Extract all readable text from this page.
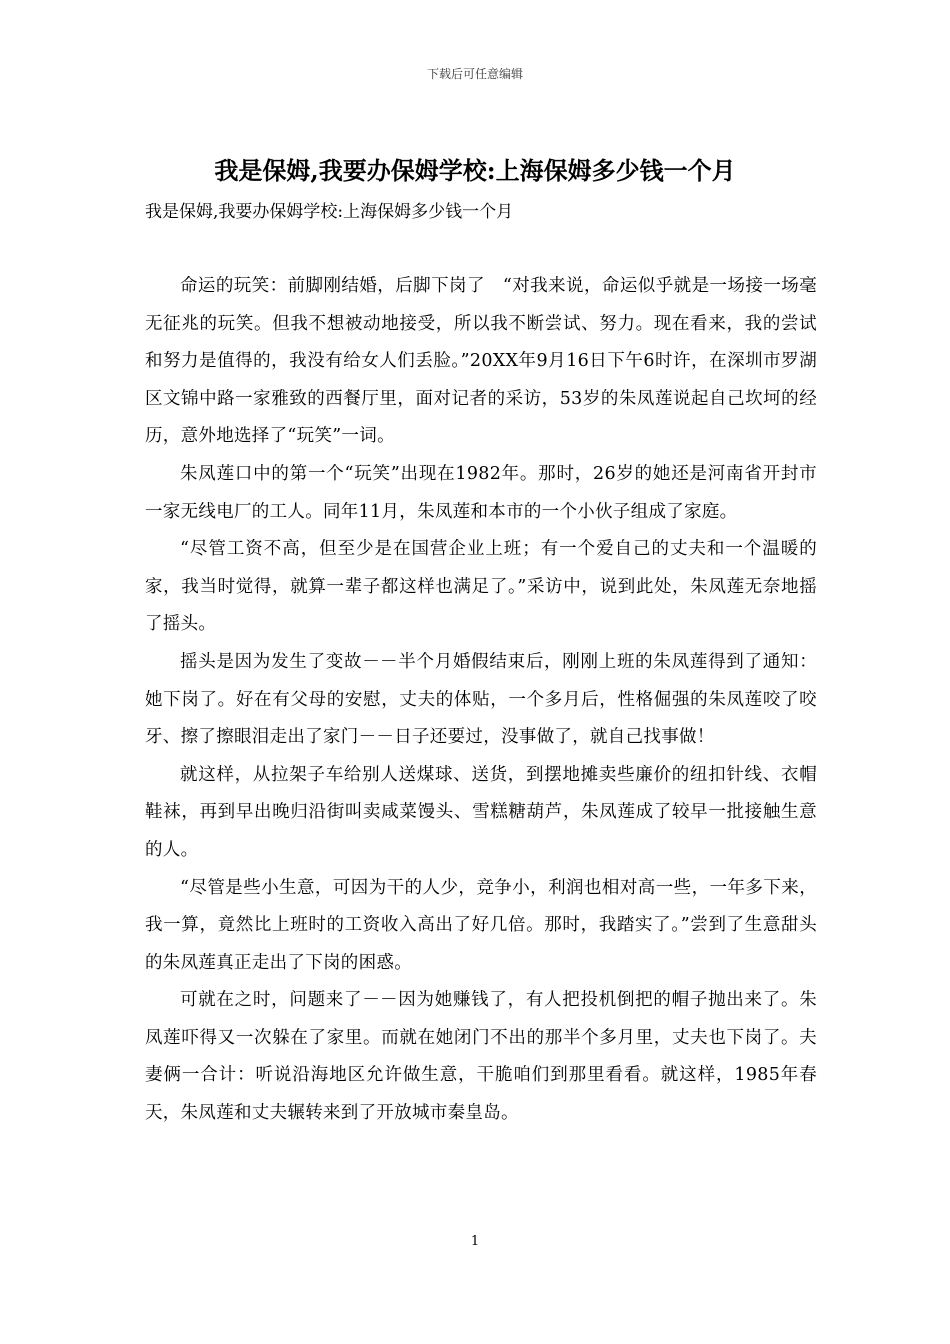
下载后可任意编辑
我是保姆,我要办保姆学校:上海保姆多少钱一个月

我是保姆,我要办保姆学校:上海保姆多少钱一个月

命运的玩笑：前脚刚结婚，后脚下岗了　“对我来说，命运似乎就是一场接一场毫无征兆的玩笑。但我不想被动地接受，所以我不断尝试、努力。现在看来，我的尝试和努力是值得的，我没有给女人们丢脸。”20XX年9月16日下午6时许，在深圳市罗湖区文锦中路一家雅致的西餐厅里，面对记者的采访，53岁的朱凤莲说起自己坎坷的经历，意外地选择了“玩笑”一词。

朱凤莲口中的第一个“玩笑”出现在1982年。那时，26岁的她还是河南省开封市一家无线电厂的工人。同年11月，朱凤莲和本市的一个小伙子组成了家庭。

“尽管工资不高，但至少是在国营企业上班；有一个爱自己的丈夫和一个温暖的家，我当时觉得，就算一辈子都这样也满足了。”采访中，说到此处，朱凤莲无奈地摇了摇头。

摇头是因为发生了变故－－半个月婚假结束后，刚刚上班的朱凤莲得到了通知：她下岗了。好在有父母的安慰，丈夫的体贴，一个多月后，性格倔强的朱凤莲咬了咬牙、擦了擦眼泪走出了家门－－日子还要过，没事做了，就自己找事做！

就这样，从拉架子车给别人送煤球、送货，到摆地摊卖些廉价的纽扣针线、衣帽鞋袜，再到早出晚归沿街叫卖咸菜馒头、雪糕糖葫芦，朱凤莲成了较早一批接触生意的人。

“尽管是些小生意，可因为干的人少，竞争小，利润也相对高一些，一年多下来，我一算，竟然比上班时的工资收入高出了好几倍。那时，我踏实了。”尝到了生意甜头的朱凤莲真正走出了下岗的困惑。

可就在之时，问题来了－－因为她赚钱了，有人把投机倒把的帽子抛出来了。朱凤莲吓得又一次躲在了家里。而就在她闭门不出的那半个多月里，丈夫也下岗了。夫妻俩一合计：听说沿海地区允许做生意，干脆咱们到那里看看。就这样，1985年春天，朱凤莲和丈夫辗转来到了开放城市秦皇岛。

1
